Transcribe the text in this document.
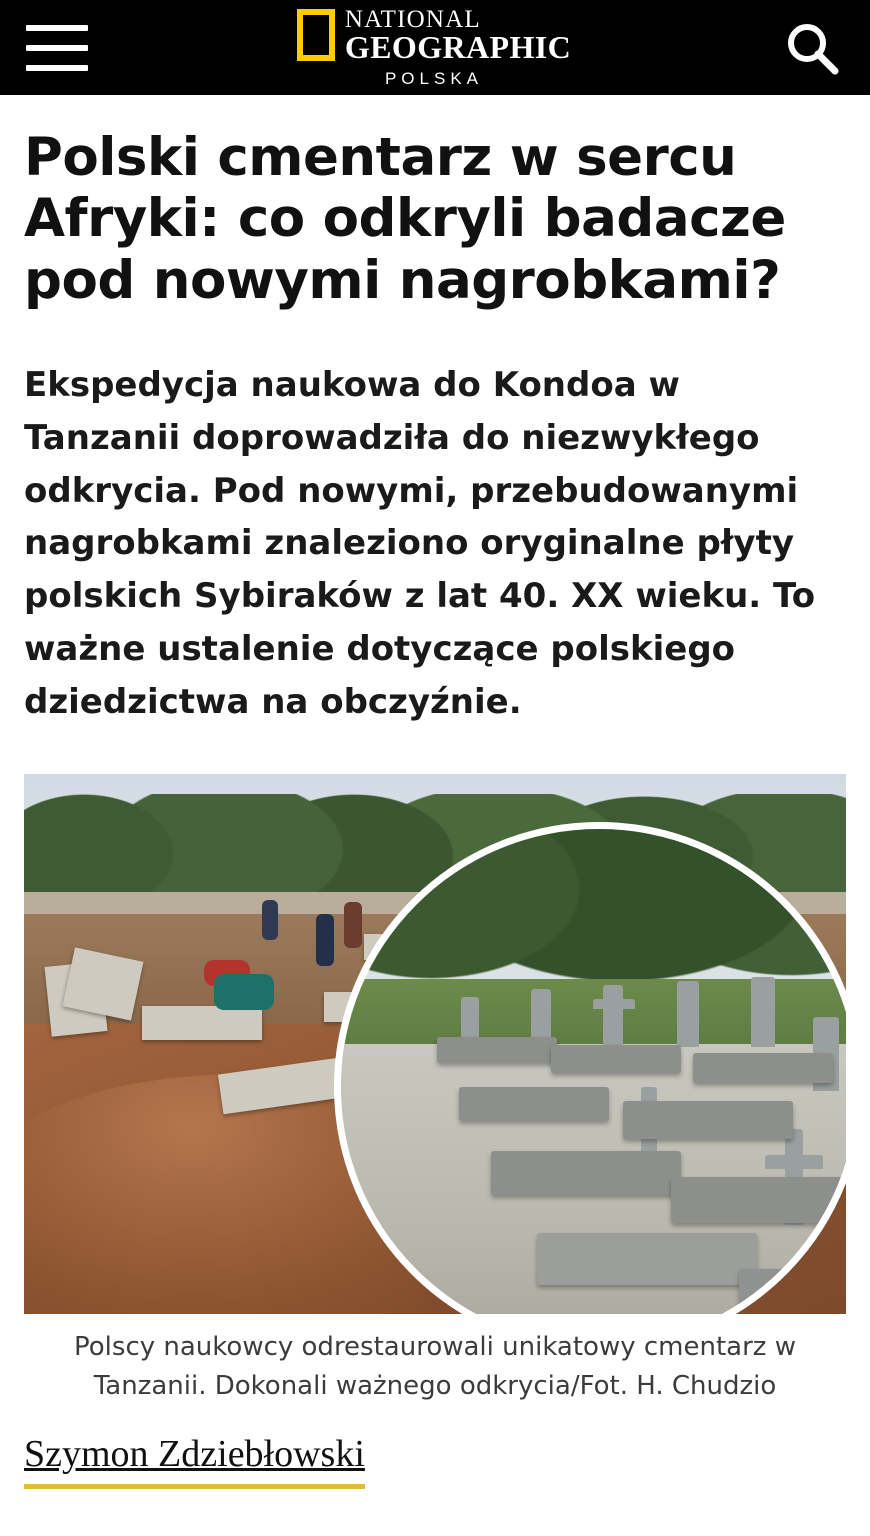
NATIONAL
GEOGRAPHIC
POLSKA
Polski cmentarz w sercu Afryki: co odkryli badacze pod nowymi nagrobkami?

Ekspedycja naukowa do Kondoa w Tanzanii doprowadziła do niezwykłego odkrycia. Pod nowymi, przebudowanymi nagrobkami znaleziono oryginalne płyty polskich Sybiraków z lat 40. XX wieku. To ważne ustalenie dotyczące polskiego dziedzictwa na obczyźnie.

Polscy naukowcy odrestaurowali unikatowy cmentarz w Tanzanii. Dokonali ważnego odkrycia/Fot. H. Chudzio
Szymon Zdziebłowski
